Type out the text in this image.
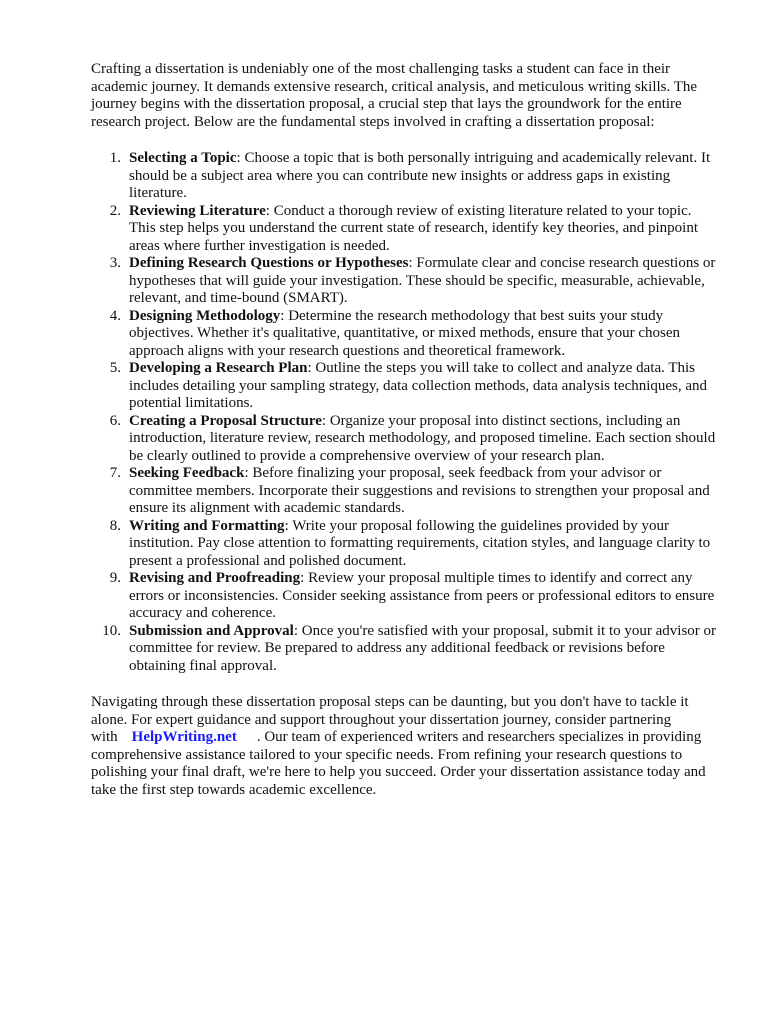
Crafting a dissertation is undeniably one of the most challenging tasks a student can face in their academic journey. It demands extensive research, critical analysis, and meticulous writing skills. The journey begins with the dissertation proposal, a crucial step that lays the groundwork for the entire research project. Below are the fundamental steps involved in crafting a dissertation proposal:

1. Selecting a Topic: Choose a topic that is both personally intriguing and academically relevant. It should be a subject area where you can contribute new insights or address gaps in existing literature.
2. Reviewing Literature: Conduct a thorough review of existing literature related to your topic. This step helps you understand the current state of research, identify key theories, and pinpoint areas where further investigation is needed.
3. Defining Research Questions or Hypotheses: Formulate clear and concise research questions or hypotheses that will guide your investigation. These should be specific, measurable, achievable, relevant, and time-bound (SMART).
4. Designing Methodology: Determine the research methodology that best suits your study objectives. Whether it's qualitative, quantitative, or mixed methods, ensure that your chosen approach aligns with your research questions and theoretical framework.
5. Developing a Research Plan: Outline the steps you will take to collect and analyze data. This includes detailing your sampling strategy, data collection methods, data analysis techniques, and potential limitations.
6. Creating a Proposal Structure: Organize your proposal into distinct sections, including an introduction, literature review, research methodology, and proposed timeline. Each section should be clearly outlined to provide a comprehensive overview of your research plan.
7. Seeking Feedback: Before finalizing your proposal, seek feedback from your advisor or committee members. Incorporate their suggestions and revisions to strengthen your proposal and ensure its alignment with academic standards.
8. Writing and Formatting: Write your proposal following the guidelines provided by your institution. Pay close attention to formatting requirements, citation styles, and language clarity to present a professional and polished document.
9. Revising and Proofreading: Review your proposal multiple times to identify and correct any errors or inconsistencies. Consider seeking assistance from peers or professional editors to ensure accuracy and coherence.
10. Submission and Approval: Once you're satisfied with your proposal, submit it to your advisor or committee for review. Be prepared to address any additional feedback or revisions before obtaining final approval.

Navigating through these dissertation proposal steps can be daunting, but you don't have to tackle it alone. For expert guidance and support throughout your dissertation journey, consider partnering with HelpWriting.net . Our team of experienced writers and researchers specializes in providing comprehensive assistance tailored to your specific needs. From refining your research questions to polishing your final draft, we're here to help you succeed. Order your dissertation assistance today and take the first step towards academic excellence.
